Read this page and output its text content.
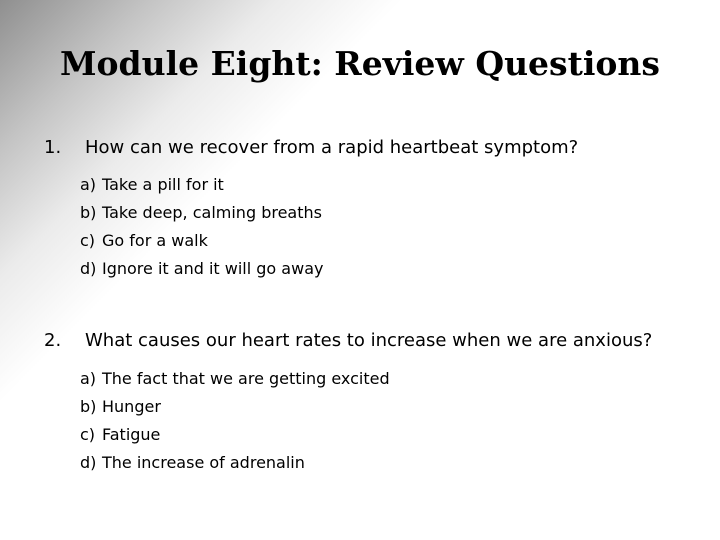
Module Eight: Review Questions
1. How can we recover from a rapid heartbeat symptom?
a) Take a pill for it
b) Take deep, calming breaths
c) Go for a walk
d) Ignore it and it will go away
2. What causes our heart rates to increase when we are anxious?
a) The fact that we are getting excited
b) Hunger
c) Fatigue
d) The increase of adrenalin
